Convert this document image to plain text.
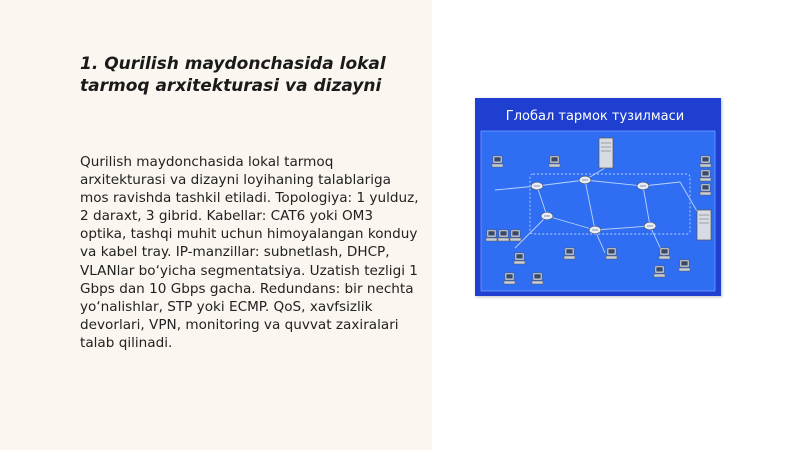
1. Qurilish maydonchasida lokal tarmoq arxitekturasi va dizayni

Qurilish maydonchasida lokal tarmoq arxitekturasi va dizayni loyihaning talablariga mos ravishda tashkil etiladi. Topologiya: 1 yulduz, 2 daraxt, 3 gibrid. Kabellar: CAT6 yoki OM3 optika, tashqi muhit uchun himoyalangan konduy va kabel tray. IP-manzillar: subnetlash, DHCP, VLANlar bo‘yicha segmentatsiya. Uzatish tezligi 1 Gbps dan 10 Gbps gacha. Redundans: bir nechta yo‘nalishlar, STP yoki ECMP. QoS, xavfsizlik devorlari, VPN, monitoring va quvvat zaxiralari talab qilinadi.

Глобал тармок тузилмаси
